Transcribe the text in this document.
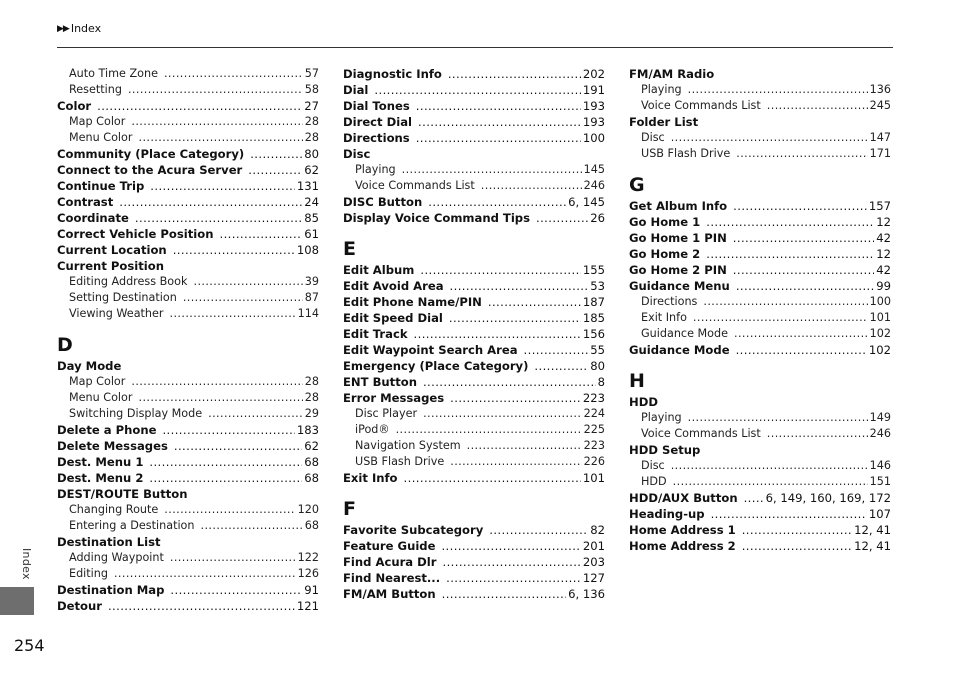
▶▶ Index
Auto Time Zone .....	57
Resetting .....	58
Color .....	27
Map Color .....	28
Menu Color .....	28
Community (Place Category) .....	80
Connect to the Acura Server .....	62
Continue Trip .....	131
Contrast .....	24
Coordinate .....	85
Correct Vehicle Position .....	61
Current Location .....	108
Current Position
Editing Address Book .....	39
Setting Destination .....	87
Viewing Weather .....	114
D
Day Mode
Map Color .....	28
Menu Color .....	28
Switching Display Mode .....	29
Delete a Phone .....	183
Delete Messages .....	62
Dest. Menu 1 .....	68
Dest. Menu 2 .....	68
DEST/ROUTE Button
Changing Route .....	120
Entering a Destination .....	68
Destination List
Adding Waypoint .....	122
Editing .....	126
Destination Map .....	91
Detour .....	121
Diagnostic Info .....	202
Dial .....	191
Dial Tones .....	193
Direct Dial .....	193
Directions .....	100
Disc
Playing .....	145
Voice Commands List .....	246
DISC Button .....	6, 145
Display Voice Command Tips .....	26
E
Edit Album .....	155
Edit Avoid Area .....	53
Edit Phone Name/PIN .....	187
Edit Speed Dial .....	185
Edit Track .....	156
Edit Waypoint Search Area .....	55
Emergency (Place Category) .....	80
ENT Button .....	8
Error Messages .....	223
Disc Player .....	224
iPod® .....	225
Navigation System .....	223
USB Flash Drive .....	226
Exit Info .....	101
F
Favorite Subcategory .....	82
Feature Guide .....	201
Find Acura Dlr .....	203
Find Nearest... .....	127
FM/AM Button .....	6, 136
FM/AM Radio
Playing .....	136
Voice Commands List .....	245
Folder List
Disc .....	147
USB Flash Drive .....	171
G
Get Album Info .....	157
Go Home 1 .....	12
Go Home 1 PIN .....	42
Go Home 2 .....	12
Go Home 2 PIN .....	42
Guidance Menu .....	99
Directions .....	100
Exit Info .....	101
Guidance Mode .....	102
Guidance Mode .....	102
H
HDD
Playing .....	149
Voice Commands List .....	246
HDD Setup
Disc .....	146
HDD .....	151
HDD/AUX Button ..... 6, 149, 160, 169, 172
Heading-up .....	107
Home Address 1 .....	12, 41
Home Address 2 .....	12, 41
Index
254
